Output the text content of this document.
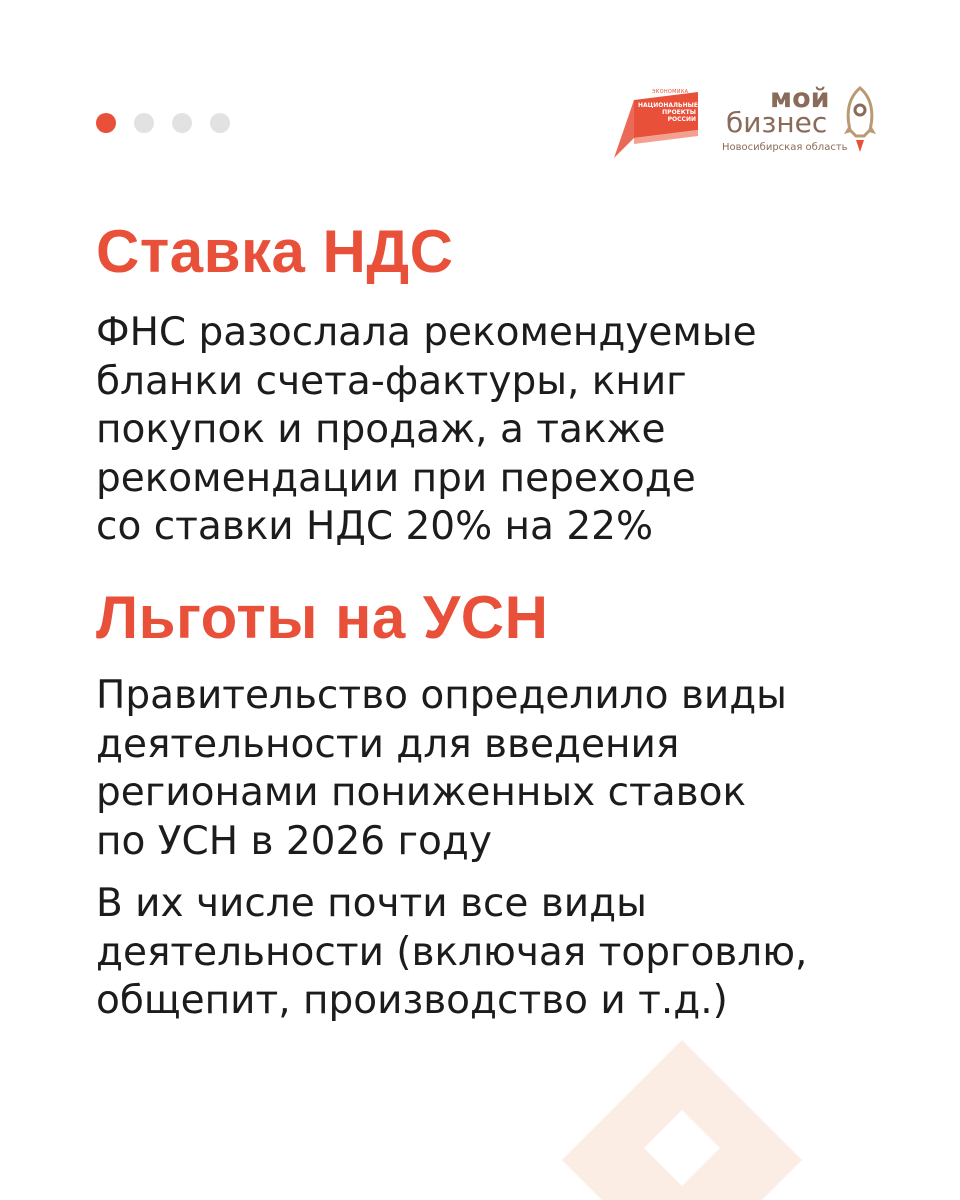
ЭКОНОМИКА
НАЦИОНАЛЬНЫЕ ПРОЕКТЫ РОССИИ
мой
бизнес
Новосибирская область
Ставка НДС

ФНС разослала рекомендуемые
бланки счета-фактуры, книг
покупок и продаж, а также
рекомендации при переходе
со ставки НДС 20% на 22%

Льготы на УСН

Правительство определило виды
деятельности для введения
регионами пониженных ставок
по УСН в 2026 году

В их числе почти все виды
деятельности (включая торговлю,
общепит, производство и т.д.)
